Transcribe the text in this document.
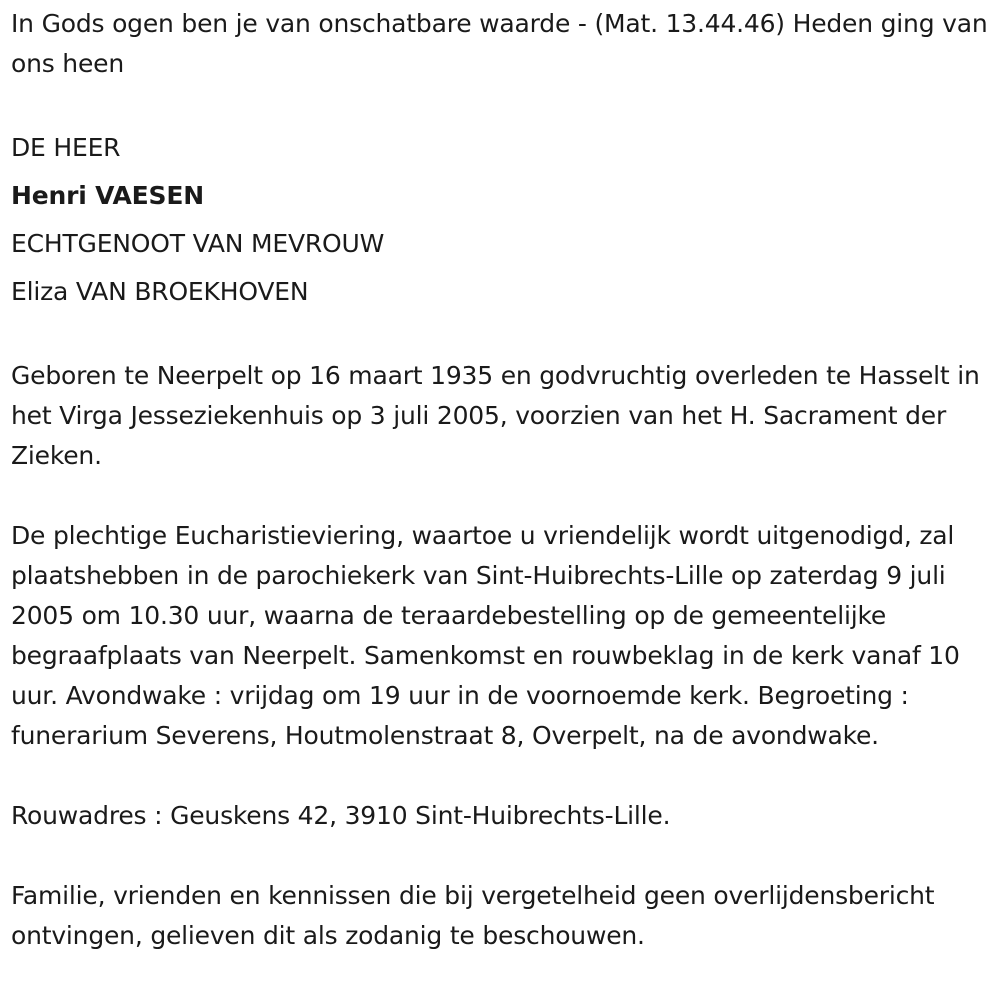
In Gods ogen ben je van onschatbare waarde - (Mat. 13.44.46) Heden ging van ons heen

DE HEER

Henri VAESEN

ECHTGENOOT VAN MEVROUW

Eliza VAN BROEKHOVEN

Geboren te Neerpelt op 16 maart 1935 en godvruchtig overleden te Hasselt in het Virga Jesseziekenhuis op 3 juli 2005, voorzien van het H. Sacrament der Zieken.

De plechtige Eucharistieviering, waartoe u vriendelijk wordt uitgenodigd, zal plaatshebben in de parochiekerk van Sint-Huibrechts-Lille op zaterdag 9 juli 2005 om 10.30 uur, waarna de teraardebestelling op de gemeentelijke begraafplaats van Neerpelt. Samenkomst en rouwbeklag in de kerk vanaf 10 uur. Avondwake : vrijdag om 19 uur in de voornoemde kerk. Begroeting : funerarium Severens, Houtmolenstraat 8, Overpelt, na de avondwake.

Rouwadres : Geuskens 42, 3910 Sint-Huibrechts-Lille.

Familie, vrienden en kennissen die bij vergetelheid geen overlijdensbericht ontvingen, gelieven dit als zodanig te beschouwen.
